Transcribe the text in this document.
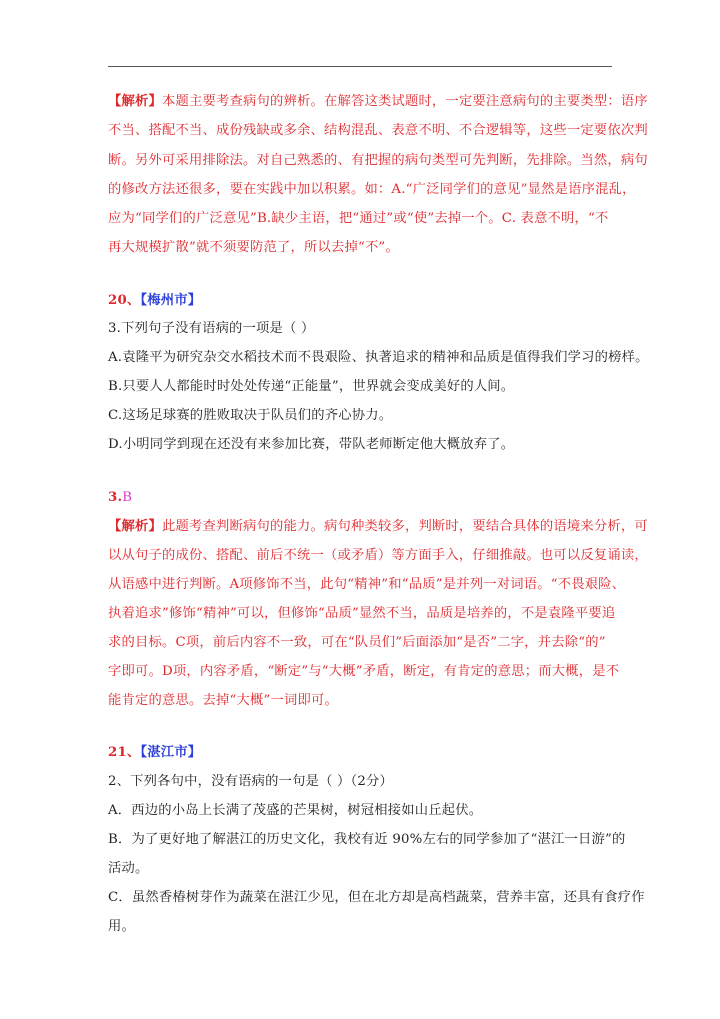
【解析】本题主要考查病句的辨析。在解答这类试题时，一定要注意病句的主要类型：语序
不当、搭配不当、成份残缺或多余、结构混乱、表意不明、不合逻辑等，这些一定要依次判
断。另外可采用排除法。对自己熟悉的、有把握的病句类型可先判断，先排除。当然，病句
的修改方法还很多，要在实践中加以积累。如：A.“广泛同学们的意见”显然是语序混乱，
应为“同学们的广泛意见”B.缺少主语，把“通过”或“使”去掉一个。C. 表意不明，“不
再大规模扩散”就不须要防范了，所以去掉“不”。
20、【梅州市】
3.下列句子没有语病的一项是（ ）
A.袁隆平为研究杂交水稻技术而不畏艰险、执著追求的精神和品质是值得我们学习的榜样。
B.只要人人都能时时处处传递“正能量”，世界就会变成美好的人间。
C.这场足球赛的胜败取决于队员们的齐心协力。
D.小明同学到现在还没有来参加比赛，带队老师断定他大概放弃了。
3.B
【解析】此题考查判断病句的能力。病句种类较多，判断时，要结合具体的语境来分析，可
以从句子的成份、搭配、前后不统一（或矛盾）等方面手入，仔细推敲。也可以反复诵读，
从语感中进行判断。A项修饰不当，此句“精神”和“品质”是并列一对词语。“不畏艰险、
执着追求”修饰“精神”可以，但修饰“品质”显然不当，品质是培养的，不是袁隆平要追
求的目标。C项，前后内容不一致，可在“队员们”后面添加“是否”二字，并去除“的”
字即可。D项，内容矛盾，“断定”与“大概”矛盾，断定，有肯定的意思；而大概，是不
能肯定的意思。去掉“大概”一词即可。
21、【湛江市】
2、下列各句中，没有语病的一句是（ ）（2分）
A．西边的小岛上长满了茂盛的芒果树，树冠相接如山丘起伏。
B．为了更好地了解湛江的历史文化，我校有近 90%左右的同学参加了“湛江一日游”的
活动。
C．虽然香椿树芽作为蔬菜在湛江少见，但在北方却是高档蔬菜，营养丰富，还具有食疗作
用。
